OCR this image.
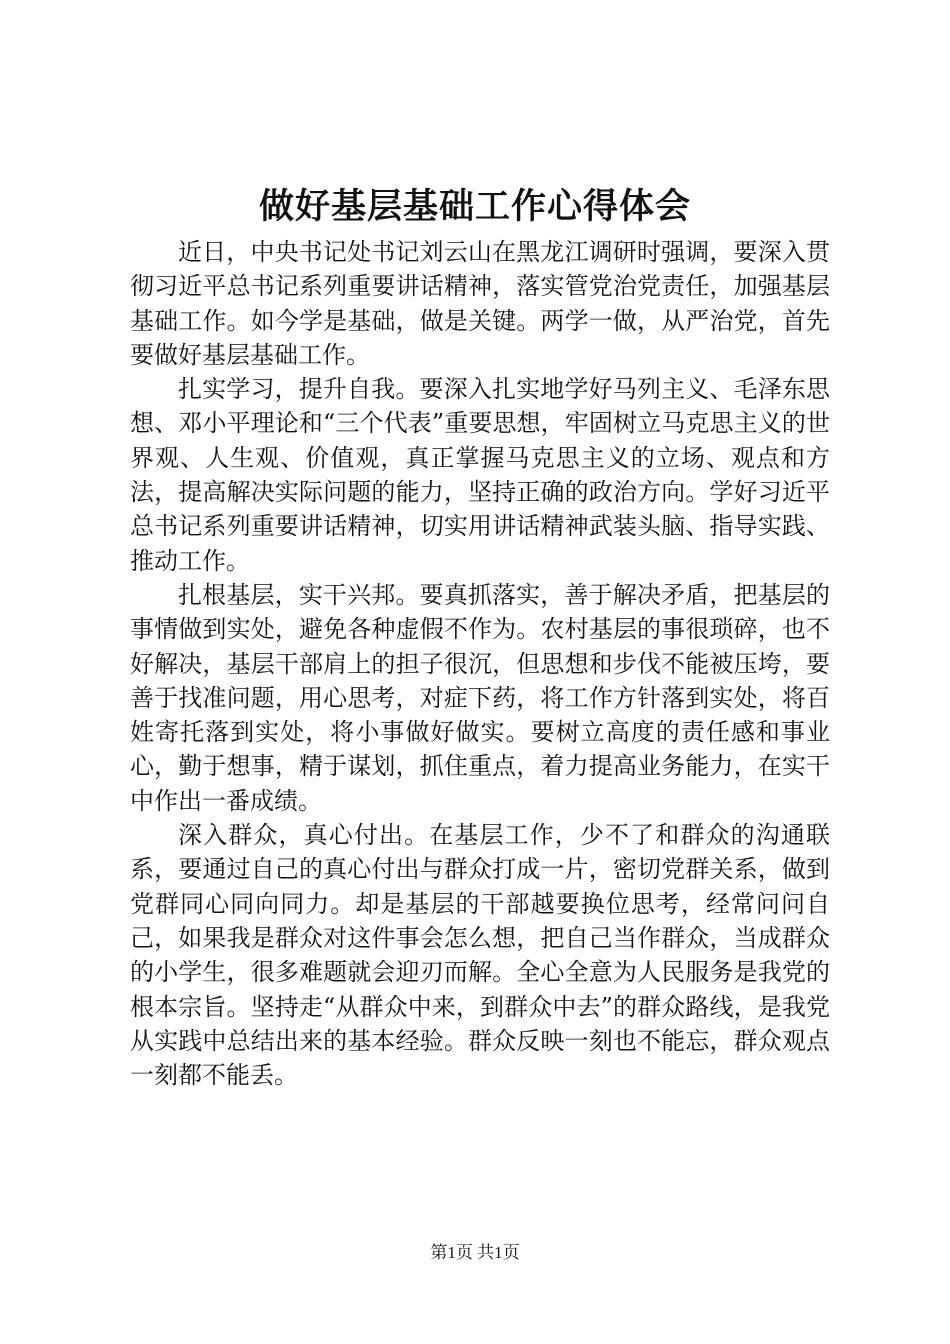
做好基层基础工作心得体会

近日，中央书记处书记刘云山在黑龙江调研时强调，要深入贯彻习近平总书记系列重要讲话精神，落实管党治党责任，加强基层基础工作。如今学是基础，做是关键。两学一做，从严治党，首先要做好基层基础工作。

扎实学习，提升自我。要深入扎实地学好马列主义、毛泽东思想、邓小平理论和“三个代表”重要思想，牢固树立马克思主义的世界观、人生观、价值观，真正掌握马克思主义的立场、观点和方法，提高解决实际问题的能力，坚持正确的政治方向。学好习近平总书记系列重要讲话精神，切实用讲话精神武装头脑、指导实践、推动工作。

扎根基层，实干兴邦。要真抓落实，善于解决矛盾，把基层的事情做到实处，避免各种虚假不作为。农村基层的事很琐碎，也不好解决，基层干部肩上的担子很沉，但思想和步伐不能被压垮，要善于找准问题，用心思考，对症下药，将工作方针落到实处，将百姓寄托落到实处，将小事做好做实。要树立高度的责任感和事业心，勤于想事，精于谋划，抓住重点，着力提高业务能力，在实干中作出一番成绩。

深入群众，真心付出。在基层工作，少不了和群众的沟通联系，要通过自己的真心付出与群众打成一片，密切党群关系，做到党群同心同向同力。却是基层的干部越要换位思考，经常问问自己，如果我是群众对这件事会怎么想，把自己当作群众，当成群众的小学生，很多难题就会迎刃而解。全心全意为人民服务是我党的根本宗旨。坚持走“从群众中来，到群众中去”的群众路线，是我党从实践中总结出来的基本经验。群众反映一刻也不能忘，群众观点一刻都不能丢。

第1页 共1页
